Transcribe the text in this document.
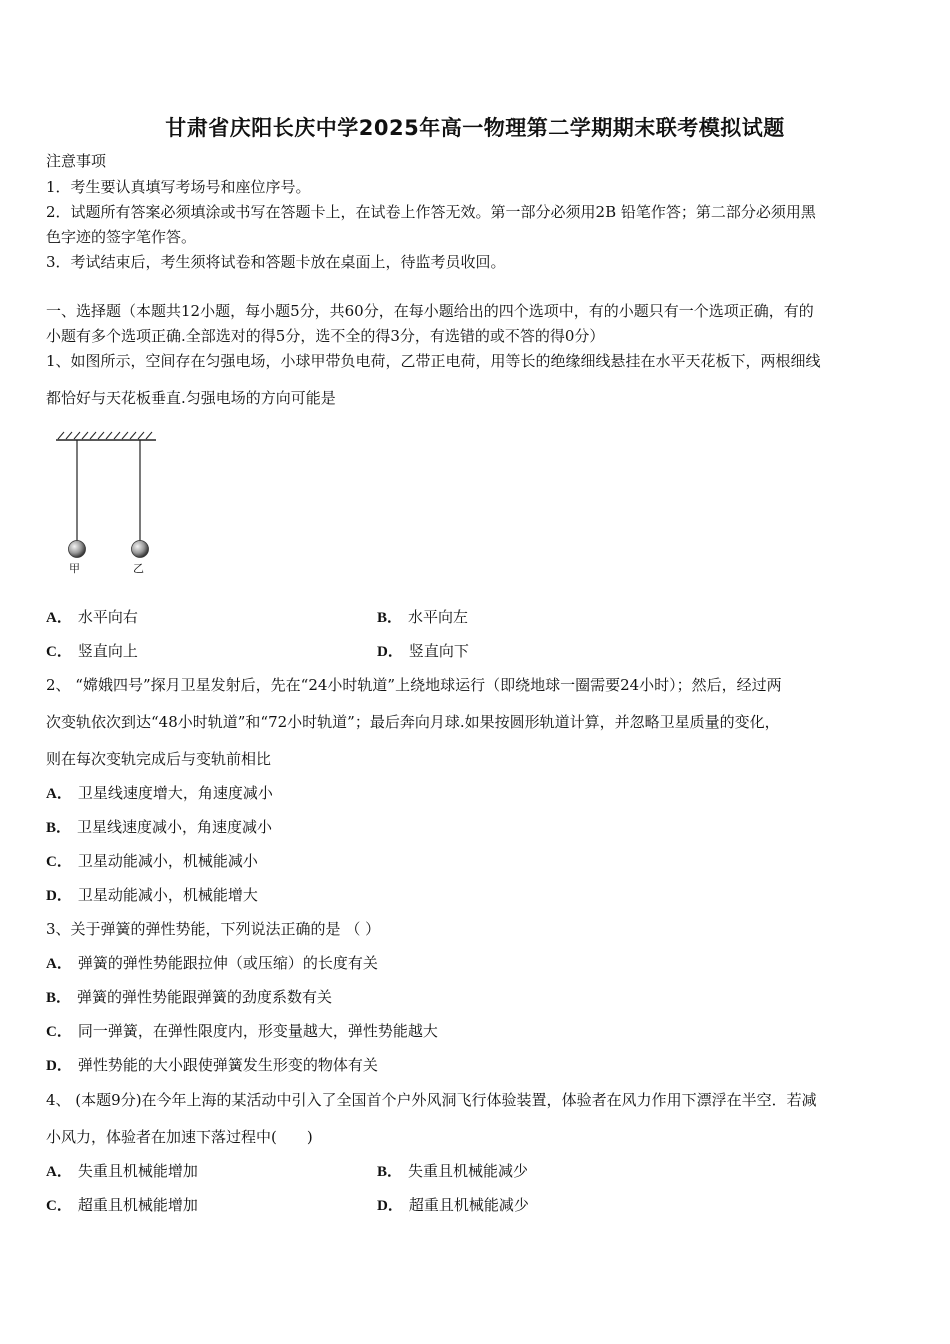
甘肃省庆阳长庆中学2025年高一物理第二学期期末联考模拟试题
注意事项
1．考生要认真填写考场号和座位序号。
2．试题所有答案必须填涂或书写在答题卡上，在试卷上作答无效。第一部分必须用2B 铅笔作答；第二部分必须用黑
色字迹的签字笔作答。
3．考试结束后，考生须将试卷和答题卡放在桌面上，待监考员收回。
一、选择题（本题共12小题，每小题5分，共60分，在每小题给出的四个选项中，有的小题只有一个选项正确，有的
小题有多个选项正确.全部选对的得5分，选不全的得3分，有选错的或不答的得0分）
1、如图所示，空间存在匀强电场，小球甲带负电荷，乙带正电荷，用等长的绝缘细线悬挂在水平天花板下，两根细线
都恰好与天花板垂直.匀强电场的方向可能是
甲	乙
A． 水平向右	B． 水平向左
C． 竖直向上	D． 竖直向下
2、 “嫦娥四号”探月卫星发射后，先在“24小时轨道”上绕地球运行（即绕地球一圈需要24小时）；然后，经过两
次变轨依次到达“48小时轨道”和“72小时轨道”；最后奔向月球.如果按圆形轨道计算，并忽略卫星质量的变化，
则在每次变轨完成后与变轨前相比
A． 卫星线速度增大，角速度减小
B． 卫星线速度减小，角速度减小
C． 卫星动能减小，机械能减小
D． 卫星动能减小，机械能增大
3、关于弹簧的弹性势能，下列说法正确的是 （ ）
A． 弹簧的弹性势能跟拉伸（或压缩）的长度有关
B． 弹簧的弹性势能跟弹簧的劲度系数有关
C． 同一弹簧，在弹性限度内，形变量越大，弹性势能越大
D． 弹性势能的大小跟使弹簧发生形变的物体有关
4、 (本题9分)在今年上海的某活动中引入了全国首个户外风洞飞行体验装置，体验者在风力作用下漂浮在半空．若减
小风力，体验者在加速下落过程中(　　)
A． 失重且机械能增加	B． 失重且机械能减少
C． 超重且机械能增加	D． 超重且机械能减少
